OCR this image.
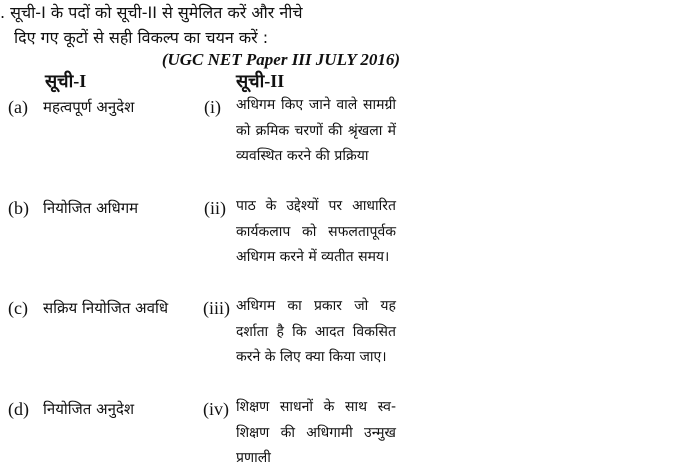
. सूची-I के पदों को सूची-II से सुमेलित करें और नीचे
दिए गए कूटों से सही विकल्प का चयन करें :
(UGC NET Paper III JULY 2016)
सूची-I	सूची-II
(a) महत्वपूर्ण अनुदेश	(i) अधिगम किए जाने वाले सामग्री को क्रमिक चरणों की श्रृंखला में व्यवस्थित करने की प्रक्रिया
(b) नियोजित अधिगम	(ii) पाठ के उद्देश्यों पर आधारित कार्यकलाप को सफलतापूर्वक अधिगम करने में व्यतीत समय।
(c) सक्रिय नियोजित अवधि (iii) अधिगम का प्रकार जो यह दर्शाता है कि आदत विकसित करने के लिए क्या किया जाए।
(d) नियोजित अनुदेश	(iv) शिक्षण साधनों के साथ स्व-शिक्षण की अधिगामी उन्मुख प्रणाली
